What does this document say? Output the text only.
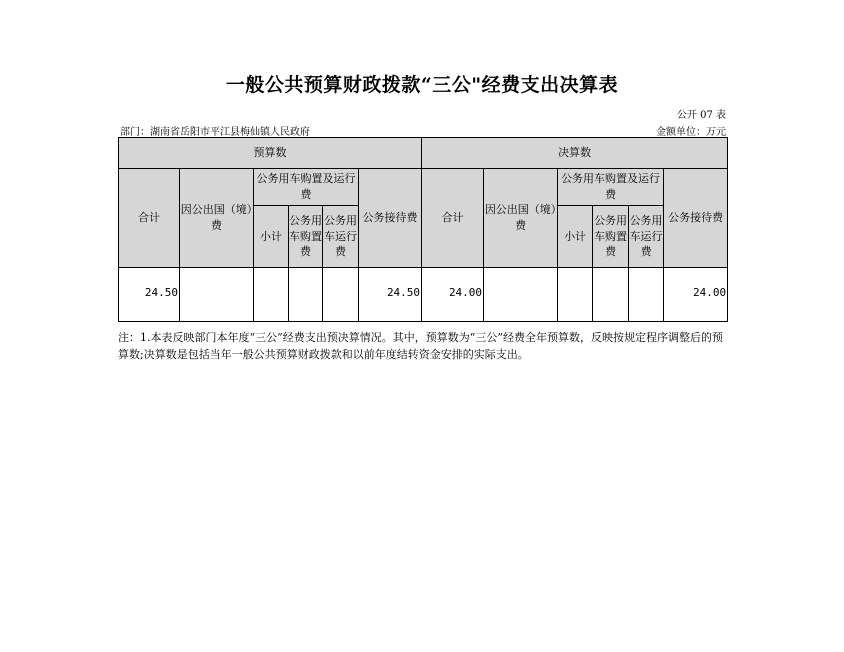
一般公共预算财政拨款“三公"经费支出决算表
公开 07 表
部门：湖南省岳阳市平江县梅仙镇人民政府	金额单位：万元
预算数						决算数					
合计	因公出国（境）费	公务用车购置及运行费			公务接待费	合计	因公出国（境）费	公务用车购置及运行费			公务接待费
		小计	公务用车购置费	公务用车运行费				小计	公务用车购置费	公务用车运行费	
24.50					24.50	24.00					24.00
注：1.本表反映部门本年度“三公”经费支出预决算情况。其中，预算数为“三公”经费全年预算数，反映按规定程序调整后的预算数;决算数是包括当年一般公共预算财政拨款和以前年度结转资金安排的实际支出。
